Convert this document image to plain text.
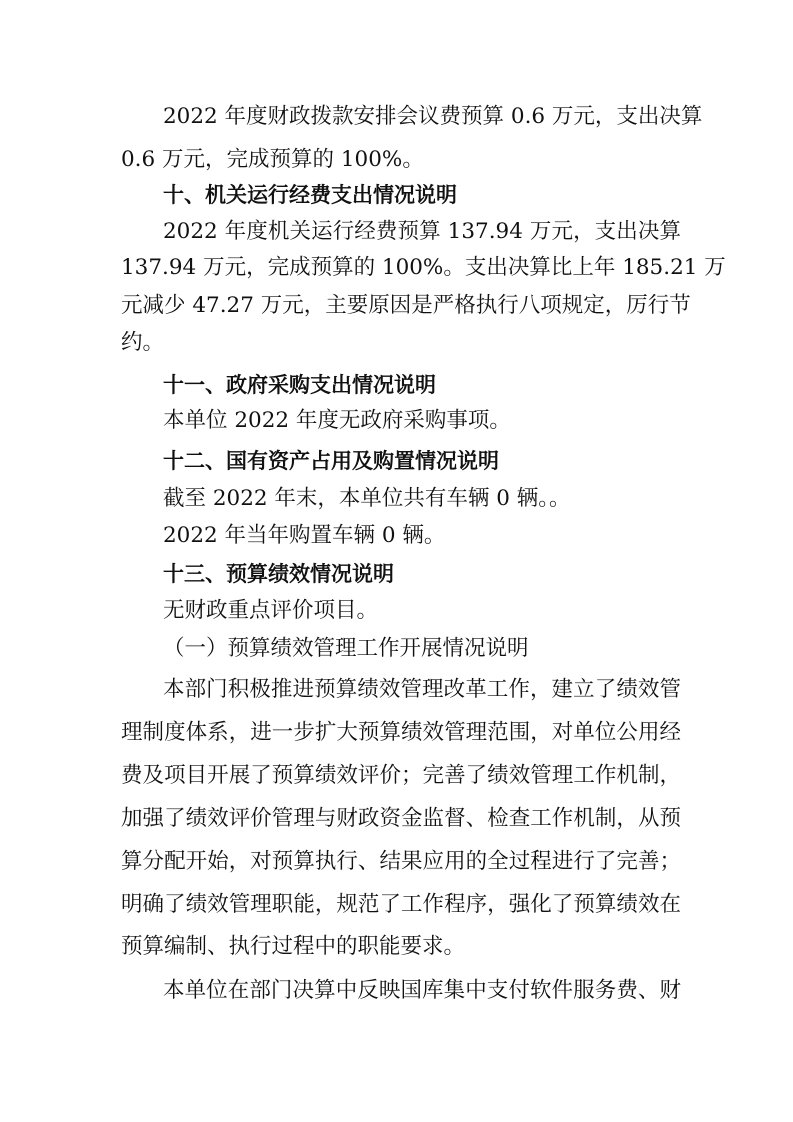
2022 年度财政拨款安排会议费预算 0.6 万元，支出决算
0.6 万元，完成预算的 100%。
十、机关运行经费支出情况说明
2022 年度机关运行经费预算 137.94 万元，支出决算
137.94 万元，完成预算的 100%。支出决算比上年 185.21 万
元减少 47.27 万元，主要原因是严格执行八项规定，厉行节
约。
十一、政府采购支出情况说明
本单位 2022 年度无政府采购事项。
十二、国有资产占用及购置情况说明
截至 2022 年末，本单位共有车辆 0 辆。。
2022 年当年购置车辆 0 辆。
十三、预算绩效情况说明
无财政重点评价项目。
（一）预算绩效管理工作开展情况说明
本部门积极推进预算绩效管理改革工作，建立了绩效管
理制度体系，进一步扩大预算绩效管理范围，对单位公用经
费及项目开展了预算绩效评价；完善了绩效管理工作机制，
加强了绩效评价管理与财政资金监督、检查工作机制，从预
算分配开始，对预算执行、结果应用的全过程进行了完善；
明确了绩效管理职能，规范了工作程序，强化了预算绩效在
预算编制、执行过程中的职能要求。
本单位在部门决算中反映国库集中支付软件服务费、财
